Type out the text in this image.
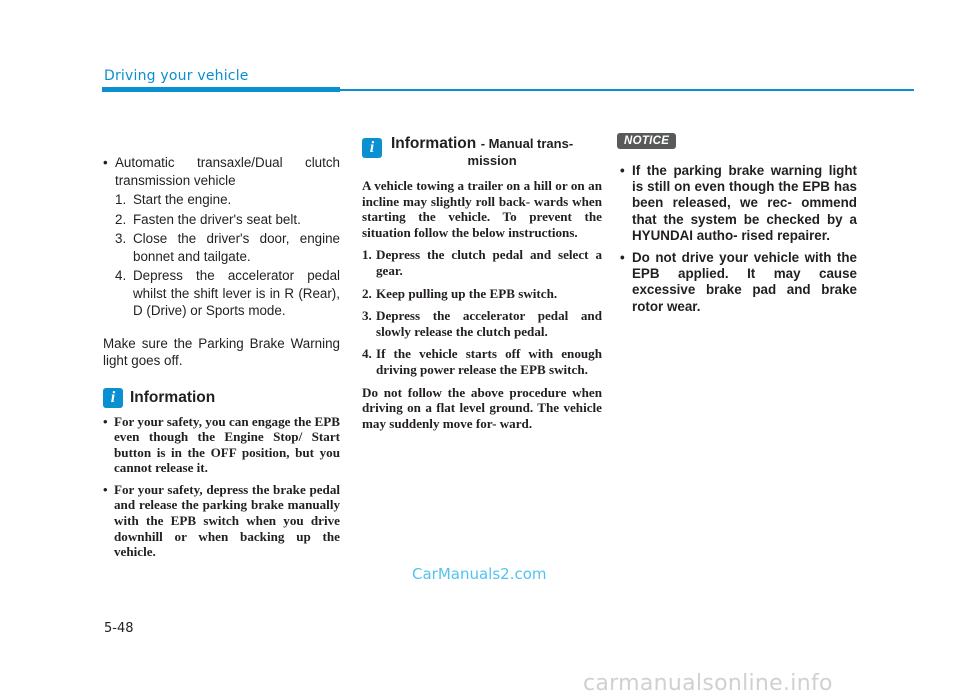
Driving your vehicle
• Automatic transaxle/Dual clutch transmission vehicle
1. Start the engine.
2. Fasten the driver's seat belt.
3. Close the driver's door, engine bonnet and tailgate.
4. Depress the accelerator pedal whilst the shift lever is in R (Rear), D (Drive) or Sports mode.
Make sure the Parking Brake Warning light goes off.
i Information
• For your safety, you can engage the EPB even though the Engine Stop/ Start button is in the OFF position, but you cannot release it.
• For your safety, depress the brake pedal and release the parking brake manually with the EPB switch when you drive downhill or when backing up the vehicle.
i	Information - Manual trans-
mission
A vehicle towing a trailer on a hill or on an incline may slightly roll back- wards when starting the vehicle. To prevent the situation follow the below instructions.
1. Depress the clutch pedal and select a gear.
2. Keep pulling up the EPB switch.
3. Depress the accelerator pedal and slowly release the clutch pedal.
4. If the vehicle starts off with enough driving power release the EPB switch.
Do not follow the above procedure when driving on a flat level ground. The vehicle may suddenly move for- ward.
NOTICE
• If the parking brake warning light is still on even though the EPB has been released, we rec- ommend that the system be checked by a HYUNDAI autho- rised repairer.
• Do not drive your vehicle with the EPB applied. It may cause excessive brake pad and brake rotor wear.
CarManuals2.com
5-48
carmanualsonline.info
